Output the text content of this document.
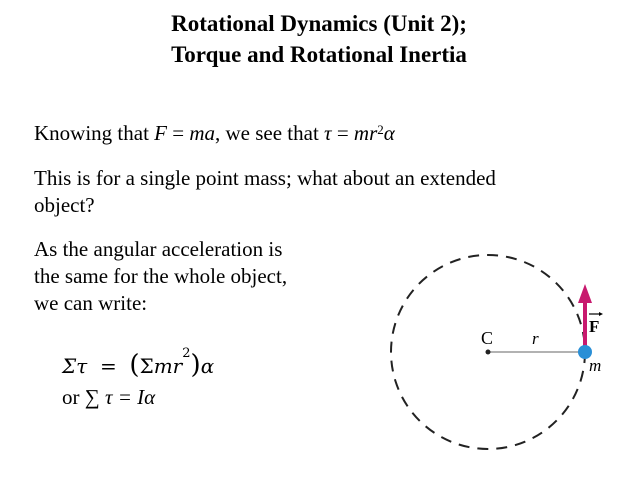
Rotational Dynamics (Unit 2);
Torque and Rotational Inertia
Knowing that F = ma, we see that $\tau = mr^2\alpha$
This is for a single point mass; what about an extended
object?
As the angular acceleration is
the same for the whole object,
we can write:
Στ = (Σmr$^2$)α
or ∑ τ = Iα
C r
F
m
